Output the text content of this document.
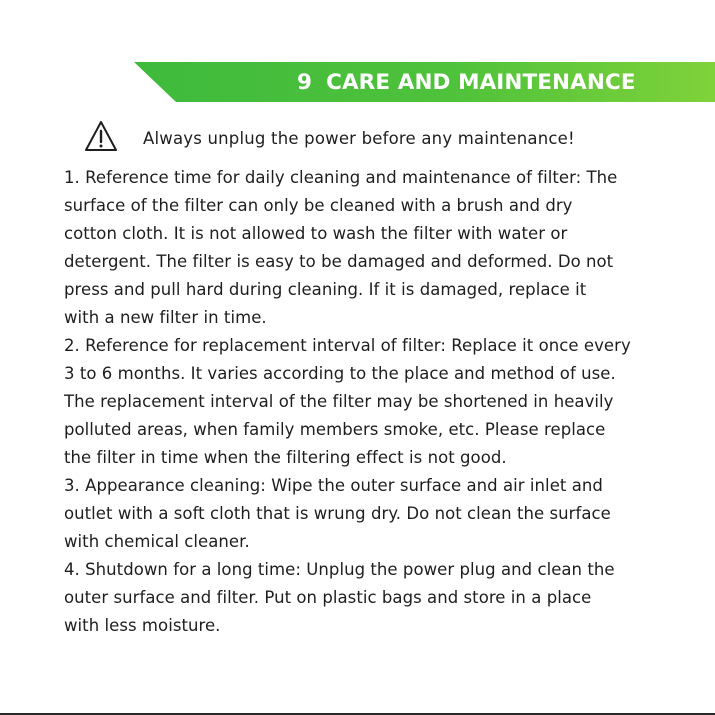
9 CARE AND MAINTENANCE
Always unplug the power before any maintenance!
1. Reference time for daily cleaning and maintenance of filter: The
surface of the filter can only be cleaned with a brush and dry
cotton cloth. It is not allowed to wash the filter with water or
detergent. The filter is easy to be damaged and deformed. Do not
press and pull hard during cleaning. If it is damaged, replace it
with a new filter in time.
2. Reference for replacement interval of filter: Replace it once every
3 to 6 months. It varies according to the place and method of use.
The replacement interval of the filter may be shortened in heavily
polluted areas, when family members smoke, etc. Please replace
the filter in time when the filtering effect is not good.
3. Appearance cleaning: Wipe the outer surface and air inlet and
outlet with a soft cloth that is wrung dry. Do not clean the surface
with chemical cleaner.
4. Shutdown for a long time: Unplug the power plug and clean the
outer surface and filter. Put on plastic bags and store in a place
with less moisture.
